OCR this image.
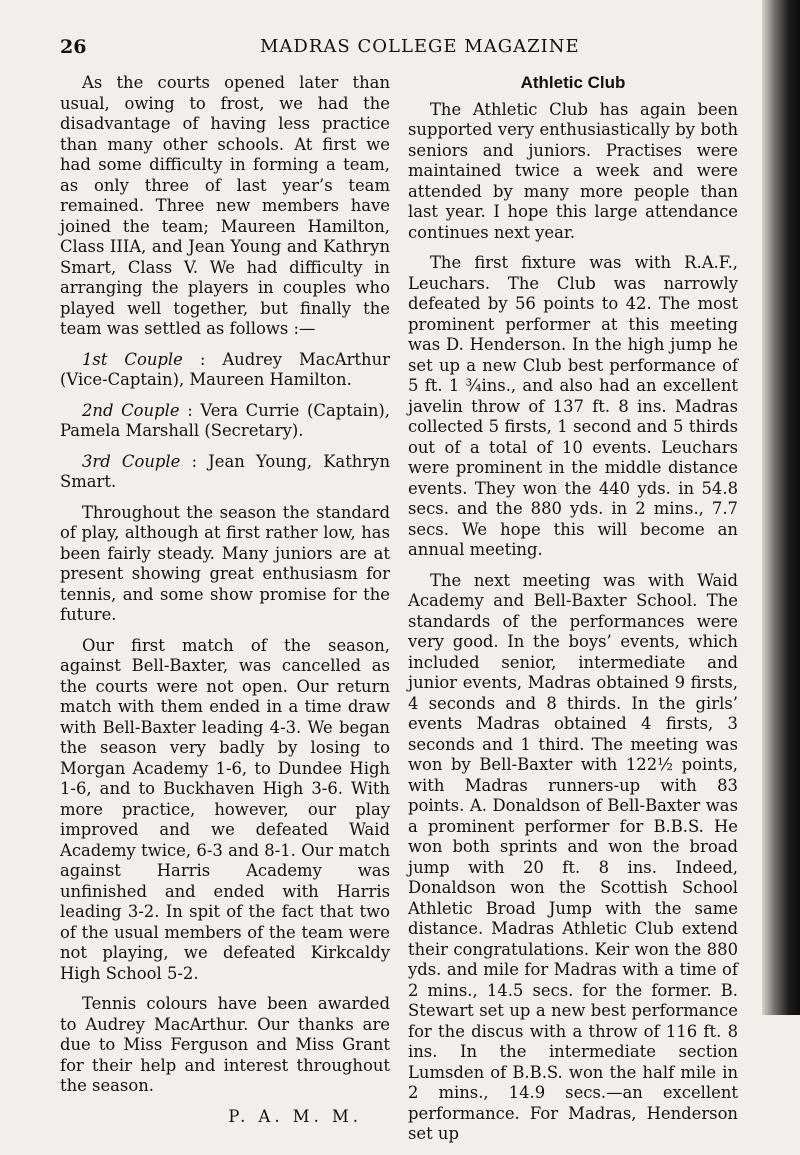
26	MADRAS COLLEGE MAGAZINE

As the courts opened later than usual, owing to frost, we had the disadvantage of having less practice than many other schools. At first we had some difficulty in forming a team, as only three of last year’s team remained. Three new members have joined the team; Maureen Hamilton, Class IIIA, and Jean Young and Kathryn Smart, Class V. We had difficulty in arranging the players in couples who played well together, but finally the team was settled as follows :—

1st Couple : Audrey MacArthur (Vice-Captain), Maureen Hamilton.

2nd Couple : Vera Currie (Captain), Pamela Marshall (Secretary).

3rd Couple : Jean Young, Kathryn Smart.

Throughout the season the standard of play, although at first rather low, has been fairly steady. Many juniors are at present showing great enthusiasm for tennis, and some show promise for the future.

Our first match of the season, against Bell-Baxter, was cancelled as the courts were not open. Our return match with them ended in a time draw with Bell-Baxter leading 4-3. We began the season very badly by losing to Morgan Academy 1-6, to Dundee High 1-6, and to Buckhaven High 3-6. With more practice, however, our play improved and we defeated Waid Academy twice, 6-3 and 8-1. Our match against Harris Academy was unfinished and ended with Harris leading 3-2. In spit of the fact that two of the usual members of the team were not playing, we defeated Kirkcaldy High School 5-2.

Tennis colours have been awarded to Audrey MacArthur. Our thanks are due to Miss Ferguson and Miss Grant for their help and interest throughout the season.

P. A. M. M.
Athletic Club

The Athletic Club has again been supported very enthusiastically by both seniors and juniors. Practises were maintained twice a week and were attended by many more people than last year. I hope this large attendance continues next year.

The first fixture was with R.A.F., Leuchars. The Club was narrowly defeated by 56 points to 42. The most prominent performer at this meeting was D. Henderson. In the high jump he set up a new Club best performance of 5 ft. 1 ¾ins., and also had an excellent javelin throw of 137 ft. 8 ins. Madras collected 5 firsts, 1 second and 5 thirds out of a total of 10 events. Leuchars were prominent in the middle distance events. They won the 440 yds. in 54.8 secs. and the 880 yds. in 2 mins., 7.7 secs. We hope this will become an annual meeting.

The next meeting was with Waid Academy and Bell-Baxter School. The standards of the performances were very good. In the boys’ events, which included senior, intermediate and junior events, Madras obtained 9 firsts, 4 seconds and 8 thirds. In the girls’ events Madras obtained 4 firsts, 3 seconds and 1 third. The meeting was won by Bell-Baxter with 122½ points, with Madras runners-up with 83 points. A. Donaldson of Bell-Baxter was a prominent performer for B.B.S. He won both sprints and won the broad jump with 20 ft. 8 ins. Indeed, Donaldson won the Scottish School Athletic Broad Jump with the same distance. Madras Athletic Club extend their congratulations. Keir won the 880 yds. and mile for Madras with a time of 2 mins., 14.5 secs. for the former. B. Stewart set up a new best performance for the discus with a throw of 116 ft. 8 ins. In the intermediate section Lumsden of B.B.S. won the half mile in 2 mins., 14.9 secs.—an excellent performance. For Madras, Henderson set up
